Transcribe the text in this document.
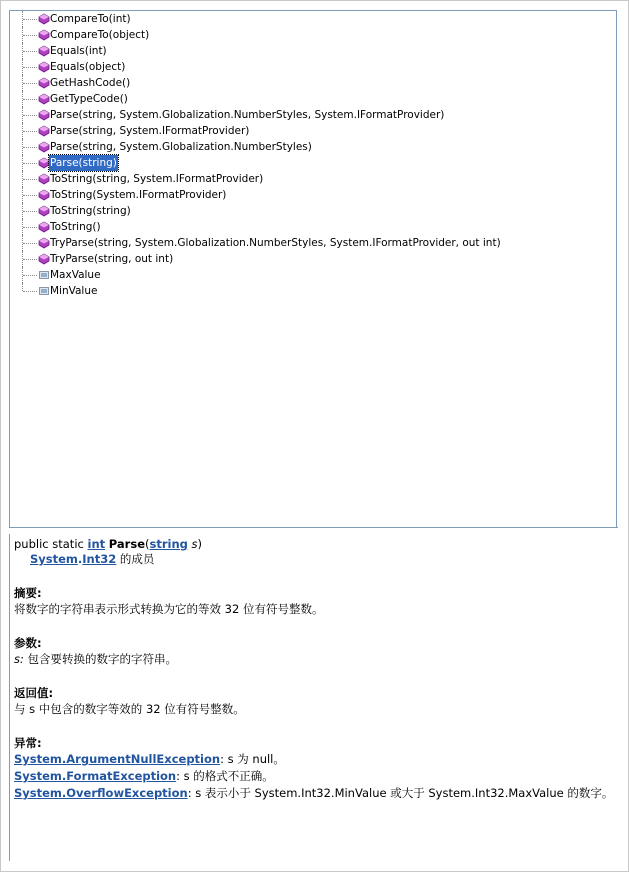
CompareTo(int)
CompareTo(object)
Equals(int)
Equals(object)
GetHashCode()
GetTypeCode()
Parse(string, System.Globalization.NumberStyles, System.IFormatProvider)
Parse(string, System.IFormatProvider)
Parse(string, System.Globalization.NumberStyles)
Parse(string)
ToString(string, System.IFormatProvider)
ToString(System.IFormatProvider)
ToString(string)
ToString()
TryParse(string, System.Globalization.NumberStyles, System.IFormatProvider, out int)
TryParse(string, out int)
MaxValue
MinValue
public static int Parse(string s)
System.Int32 的成员
摘要:
将数字的字符串表示形式转换为它的等效 32 位有符号整数。
参数:
s: 包含要转换的数字的字符串。
返回值:
与 s 中包含的数字等效的 32 位有符号整数。
异常:
System.ArgumentNullException: s 为 null。
System.FormatException: s 的格式不正确。
System.OverflowException: s 表示小于 System.Int32.MinValue 或大于 System.Int32.MaxValue 的数字。
